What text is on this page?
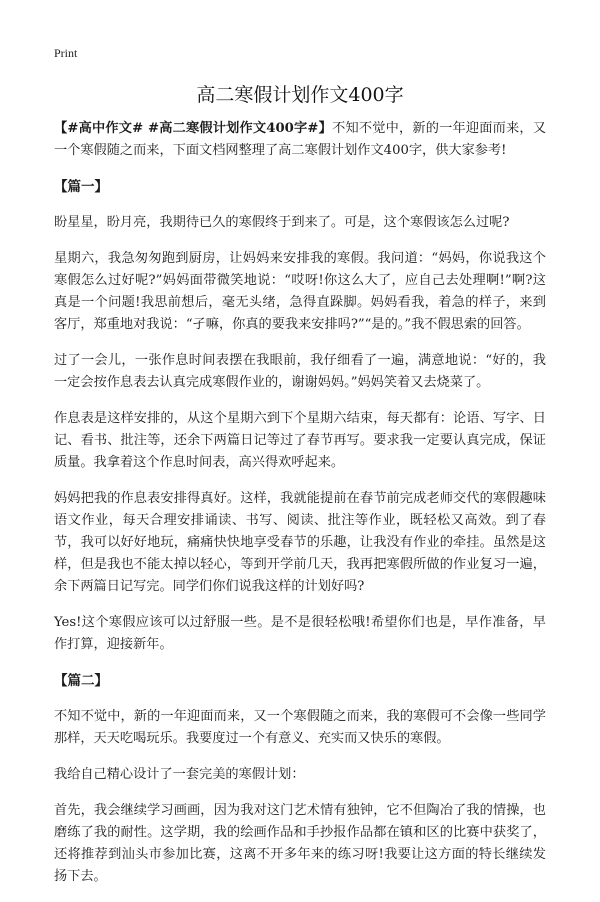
Print
高二寒假计划作文400字

【#高中作文# #高二寒假计划作文400字#】不知不觉中，新的一年迎面而来，又一个寒假随之而来，下面文档网整理了高二寒假计划作文400字，供大家参考!

【篇一】

盼星星，盼月亮，我期待已久的寒假终于到来了。可是，这个寒假该怎么过呢?

星期六，我急匆匆跑到厨房，让妈妈来安排我的寒假。我问道：“妈妈，你说我这个寒假怎么过好呢?”妈妈面带微笑地说：“哎呀!你这么大了，应自己去处理啊!”啊?这真是一个问题!我思前想后，毫无头绪，急得直跺脚。妈妈看我，着急的样子，来到客厅，郑重地对我说：“孑嘛，你真的要我来安排吗?”“是的。”我不假思索的回答。

过了一会儿，一张作息时间表摆在我眼前，我仔细看了一遍，满意地说：“好的，我一定会按作息表去认真完成寒假作业的，谢谢妈妈。”妈妈笑着又去烧菜了。

作息表是这样安排的，从这个星期六到下个星期六结束，每天都有：论语、写字、日记、看书、批注等，还余下两篇日记等过了春节再写。要求我一定要认真完成，保证质量。我拿着这个作息时间表，高兴得欢呼起来。

妈妈把我的作息表安排得真好。这样，我就能提前在春节前完成老师交代的寒假趣味语文作业，每天合理安排诵读、书写、阅读、批注等作业，既轻松又高效。到了春节，我可以好好地玩，痛痛快快地享受春节的乐趣，让我没有作业的牵挂。虽然是这样，但是我也不能太掉以轻心，等到开学前几天，我再把寒假所做的作业复习一遍，余下两篇日记写完。同学们你们说我这样的计划好吗?

Yes!这个寒假应该可以过舒服一些。是不是很轻松哦!希望你们也是，早作准备，早作打算，迎接新年。

【篇二】

不知不觉中，新的一年迎面而来，又一个寒假随之而来，我的寒假可不会像一些同学那样，天天吃喝玩乐。我要度过一个有意义、充实而又快乐的寒假。

我给自己精心设计了一套完美的寒假计划：

首先，我会继续学习画画，因为我对这门艺术情有独钟，它不但陶冶了我的情操，也磨练了我的耐性。这学期，我的绘画作品和手抄报作品都在镇和区的比赛中获奖了，还将推荐到汕头市参加比赛，这离不开多年来的练习呀!我要让这方面的特长继续发扬下去。
